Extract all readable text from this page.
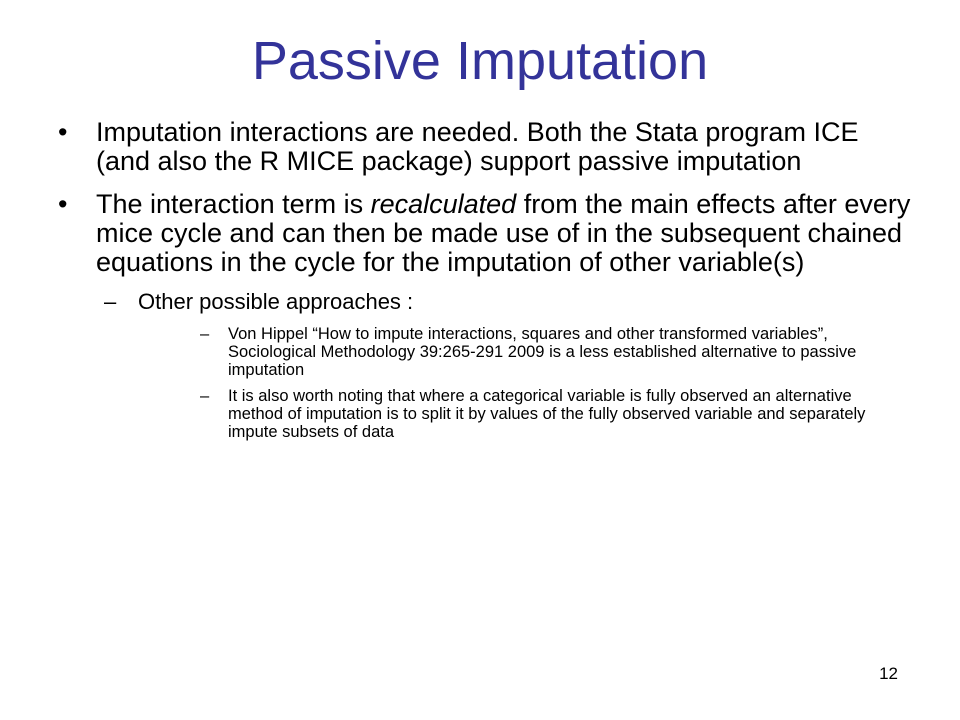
Passive Imputation
• Imputation interactions are needed. Both the Stata program ICE (and also the R MICE package) support passive imputation
• The interaction term is recalculated from the main effects after every mice cycle and can then be made use of in the subsequent chained equations in the cycle for the imputation of other variable(s)
– Other possible approaches :
– Von Hippel “How to impute interactions, squares and other transformed variables”, Sociological Methodology 39:265-291 2009 is a less established alternative to passive imputation
– It is also worth noting that where a categorical variable is fully observed an alternative method of imputation is to split it by values of the fully observed variable and separately impute subsets of data
12
